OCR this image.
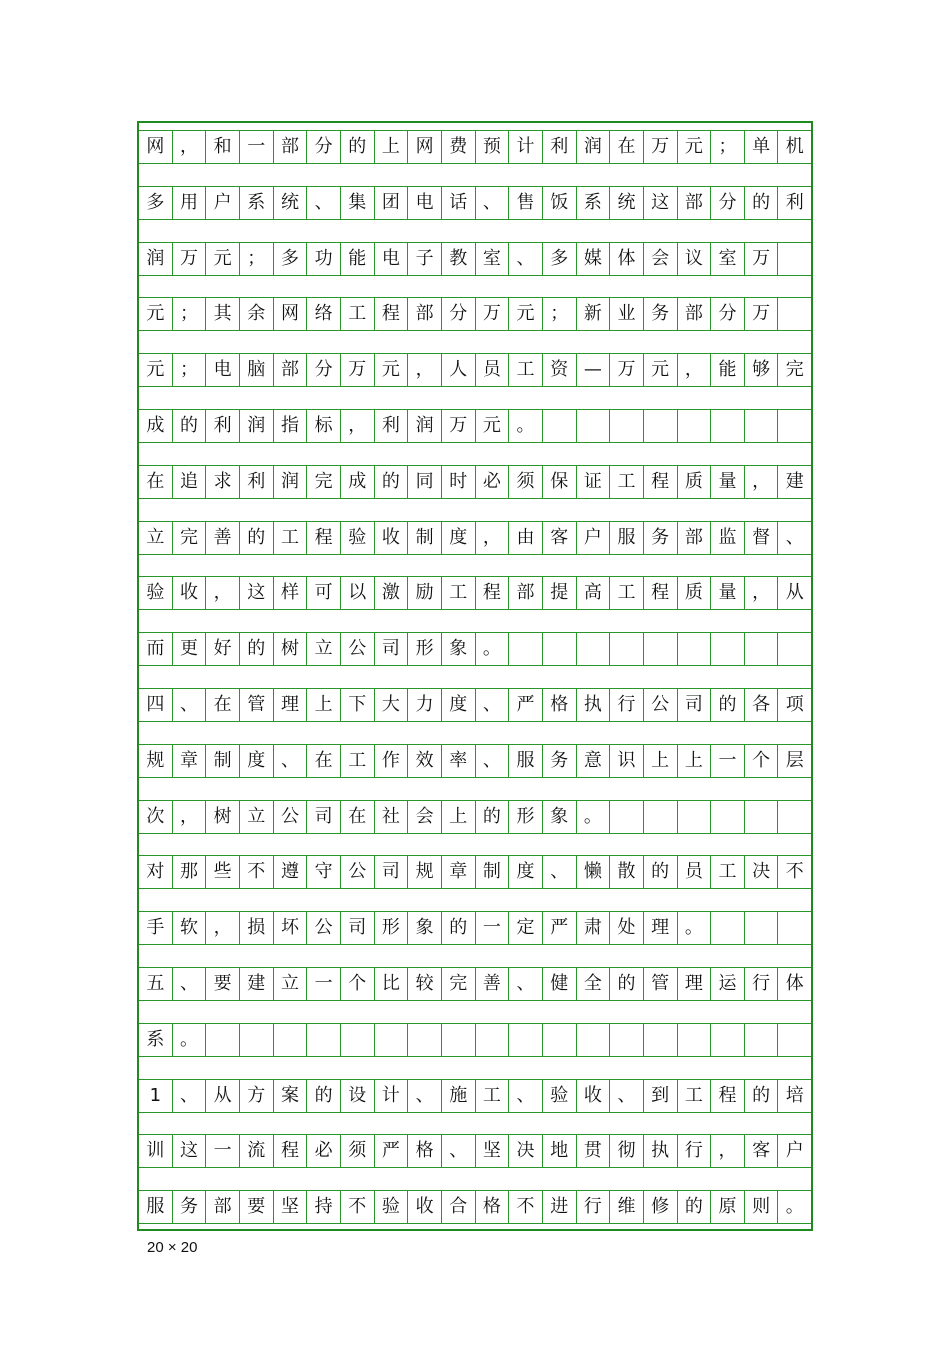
网 ， 和 一 部 分 的 上 网 费 预 计 利 润 在 万 元 ； 单 机
多 用 户 系 统 、 集 团 电 话 、 售 饭 系 统 这 部 分 的 利
润 万 元 ； 多 功 能 电 子 教 室 、 多 媒 体 会 议 室 万
元 ； 其 余 网 络 工 程 部 分 万 元 ； 新 业 务 部 分 万
元 ； 电 脑 部 分 万 元 ， 人 员 工 资 — 万 元 ， 能 够 完
成 的 利 润 指 标 ， 利 润 万 元 。
在 追 求 利 润 完 成 的 同 时 必 须 保 证 工 程 质 量 ， 建
立 完 善 的 工 程 验 收 制 度 ， 由 客 户 服 务 部 监 督 、
验 收 ， 这 样 可 以 激 励 工 程 部 提 高 工 程 质 量 ， 从
而 更 好 的 树 立 公 司 形 象 。
四 、 在 管 理 上 下 大 力 度 、 严 格 执 行 公 司 的 各 项
规 章 制 度 、 在 工 作 效 率 、 服 务 意 识 上 上 一 个 层
次 ， 树 立 公 司 在 社 会 上 的 形 象 。
对 那 些 不 遵 守 公 司 规 章 制 度 、 懒 散 的 员 工 决 不
手 软 ， 损 坏 公 司 形 象 的 一 定 严 肃 处 理 。
五 、 要 建 立 一 个 比 较 完 善 、 健 全 的 管 理 运 行 体
系 。
1	、 从 方 案 的 设 计 、 施 工 、 验 收 、 到 工 程 的 培
训 这 一 流 程 必 须 严 格 、 坚 决 地 贯 彻 执 行 ， 客 户
服 务 部 要 坚 持 不 验 收 合 格 不 进 行 维 修 的 原 则 。
20 × 20
